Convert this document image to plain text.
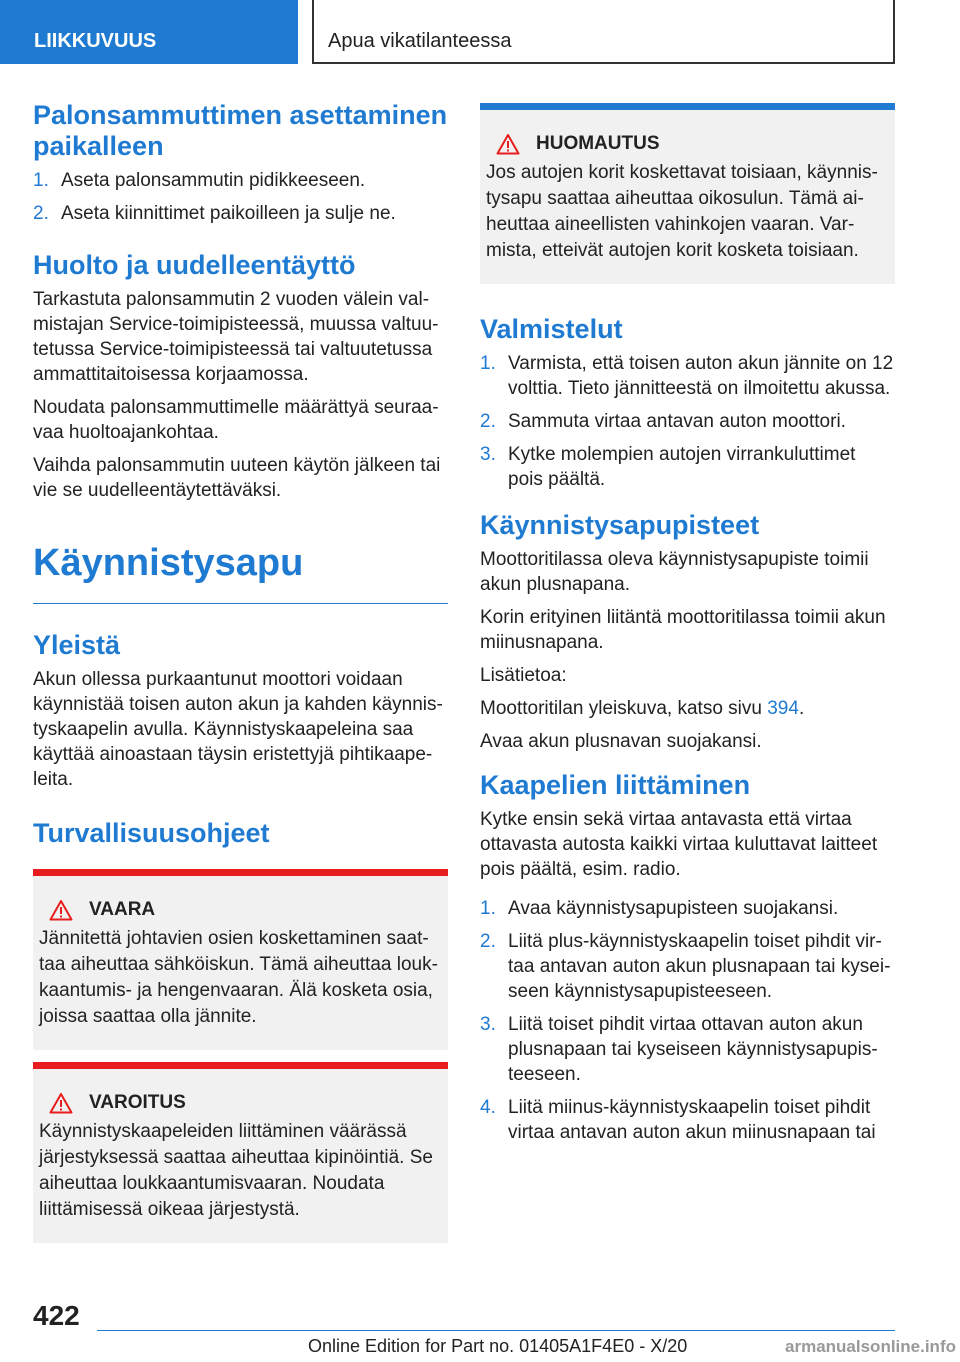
LIIKKUVUUS	Apua vikatilanteessa
Palonsammuttimen asettaminen paikalleen
1. Aseta palonsammutin pidikkeeseen.
2. Aseta kiinnittimet paikoilleen ja sulje ne.
Huolto ja uudelleentäyttö

Tarkastuta palonsammutin 2 vuoden välein valmistajan Service-toimipisteessä, muussa valtuutetussa Service-toimipisteessä tai valtuutetussa ammattitaitoisessa korjaamossa.

Noudata palonsammuttimelle määrättyä seuraavaa huoltoajankohtaa.

Vaihda palonsammutin uuteen käytön jälkeen tai vie se uudelleentäytettäväksi.

Käynnistysapu
Yleistä

Akun ollessa purkaantunut moottori voidaan käynnistää toisen auton akun ja kahden käynnistyskaapelin avulla. Käynnistyskaapeleina saa käyttää ainoastaan täysin eristettyjä pihtikaapeleita.

Turvallisuusohjeet
VAARA
Jännitettä johtavien osien koskettaminen saattaa aiheuttaa sähköiskun. Tämä aiheuttaa loukkaantumis- ja hengenvaaran. Älä kosketa osia, joissa saattaa olla jännite.
VAROITUS
Käynnistyskaapeleiden liittäminen väärässä järjestyksessä saattaa aiheuttaa kipinöintiä. Se aiheuttaa loukkaantumisvaaran. Noudata liittämisessä oikeaa järjestystä.
HUOMAUTUS
Jos autojen korit koskettavat toisiaan, käynnistysapu saattaa aiheuttaa oikosulun. Tämä aiheuttaa aineellisten vahinkojen vaaran. Varmista, etteivät autojen korit kosketa toisiaan.
Valmistelut
1. Varmista, että toisen auton akun jännite on 12 volttia. Tieto jännitteestä on ilmoitettu akussa.
2. Sammuta virtaa antavan auton moottori.
3. Kytke molempien autojen virrankuluttimet pois päältä.
Käynnistysapupisteet

Moottoritilassa oleva käynnistysapupiste toimii akun plusnapana.

Korin erityinen liitäntä moottoritilassa toimii akun miinusnapana.

Lisätietoa:

Moottoritilan yleiskuva, katso sivu 394.

Avaa akun plusnavan suojakansi.

Kaapelien liittäminen

Kytke ensin sekä virtaa antavasta että virtaa ottavasta autosta kaikki virtaa kuluttavat laitteet pois päältä, esim. radio.

1. Avaa käynnistysapupisteen suojakansi.
2. Liitä plus-käynnistyskaapelin toiset pihdit virtaa antavan auton akun plusnapaan tai kyseiseen käynnistysapupisteeseen.
3. Liitä toiset pihdit virtaa ottavan auton akun plusnapaan tai kyseiseen käynnistysapupisteeseen.
4. Liitä miinus-käynnistyskaapelin toiset pihdit virtaa antavan auton akun miinusnapaan tai
422
Online Edition for Part no. 01405A1F4E0 - X/20	armanualsonline.info
